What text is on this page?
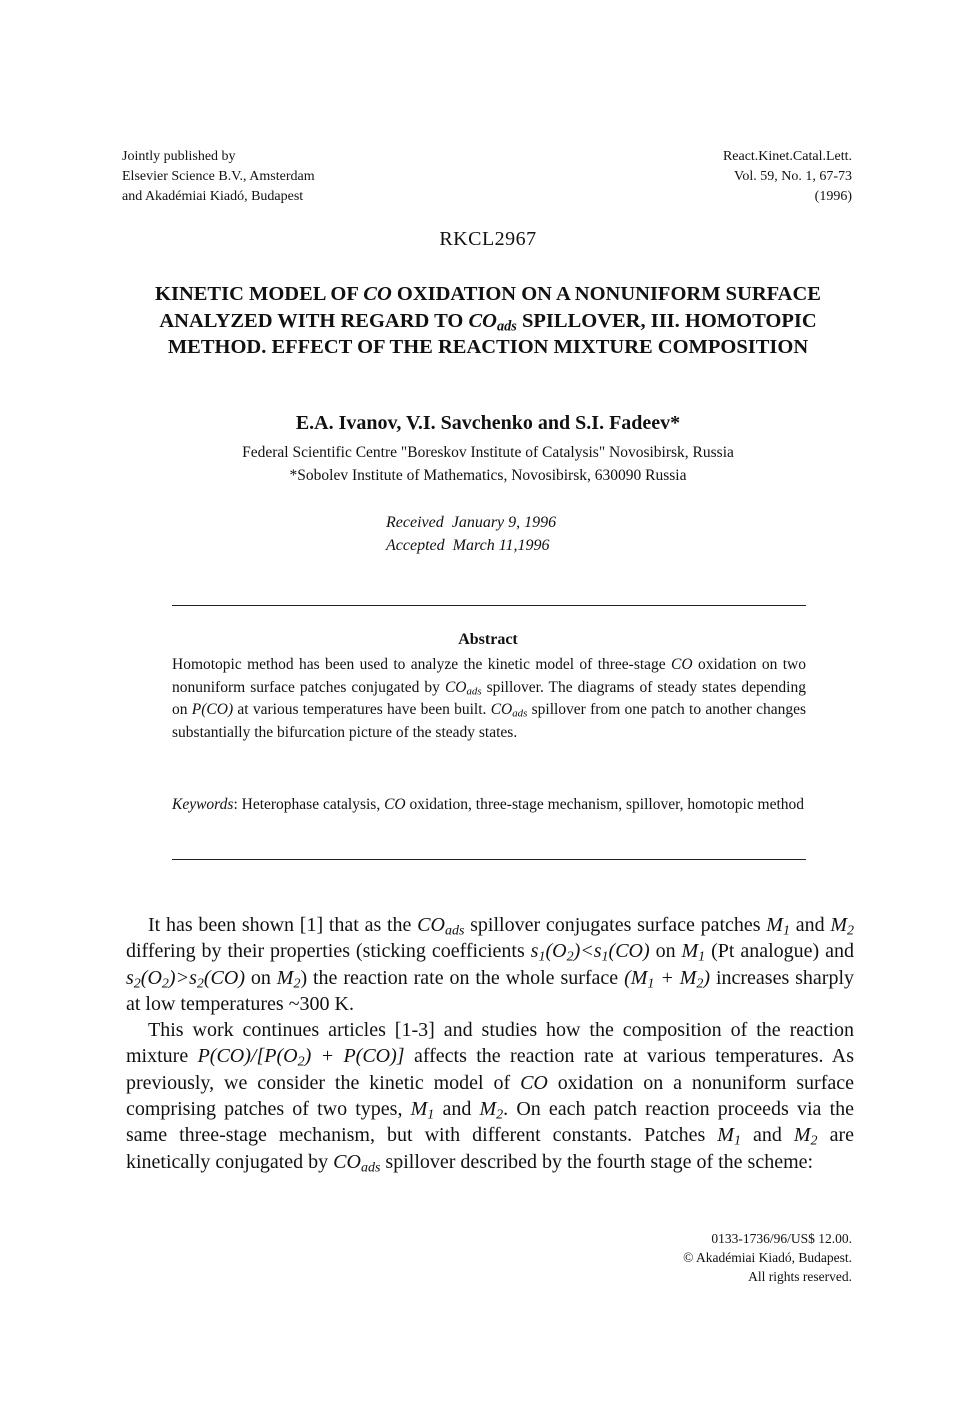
Jointly published by
Elsevier Science B.V., Amsterdam
and Akadémiai Kiadó, Budapest
React.Kinet.Catal.Lett.
Vol. 59, No. 1, 67-73
(1996)
RKCL2967
KINETIC MODEL OF CO OXIDATION ON A NONUNIFORM SURFACE ANALYZED WITH REGARD TO $CO_{ads}$ SPILLOVER, III. HOMOTOPIC METHOD. EFFECT OF THE REACTION MIXTURE COMPOSITION
E.A. Ivanov, V.I. Savchenko and S.I. Fadeev*
Federal Scientific Centre "Boreskov Institute of Catalysis" Novosibirsk, Russia
*Sobolev Institute of Mathematics, Novosibirsk, 630090 Russia
Received  January 9, 1996
Accepted  March 11,1996
Abstract
Homotopic method has been used to analyze the kinetic model of three-stage CO oxidation on two nonuniform surface patches conjugated by $CO_{ads}$ spillover. The diagrams of steady states depending on P(CO) at various temperatures have been built. $CO_{ads}$ spillover from one patch to another changes substantially the bifurcation picture of the steady states.
Keywords: Heterophase catalysis, CO oxidation, three-stage mechanism, spillover, homotopic method

It has been shown [1] that as the $CO_{ads}$ spillover conjugates surface patches $M_1$ and $M_2$ differing by their properties (sticking coefficients $s_1(O_2)<s_1(CO)$ on $M_1$ (Pt analogue) and $s_2(O_2)>s_2(CO)$ on $M_2$) the reaction rate on the whole surface $(M_1 + M_2)$ increases sharply at low temperatures ~300 K.

This work continues articles [1-3] and studies how the composition of the reaction mixture $P(CO)/[P(O_2) + P(CO)]$ affects the reaction rate at various temperatures. As previously, we consider the kinetic model of CO oxidation on a nonuniform surface comprising patches of two types, $M_1$ and $M_2$. On each patch reaction proceeds via the same three-stage mechanism, but with different constants. Patches $M_1$ and $M_2$ are kinetically conjugated by $CO_{ads}$ spillover described by the fourth stage of the scheme:

0133-1736/96/US$ 12.00.
© Akadémiai Kiadó, Budapest.
All rights reserved.
